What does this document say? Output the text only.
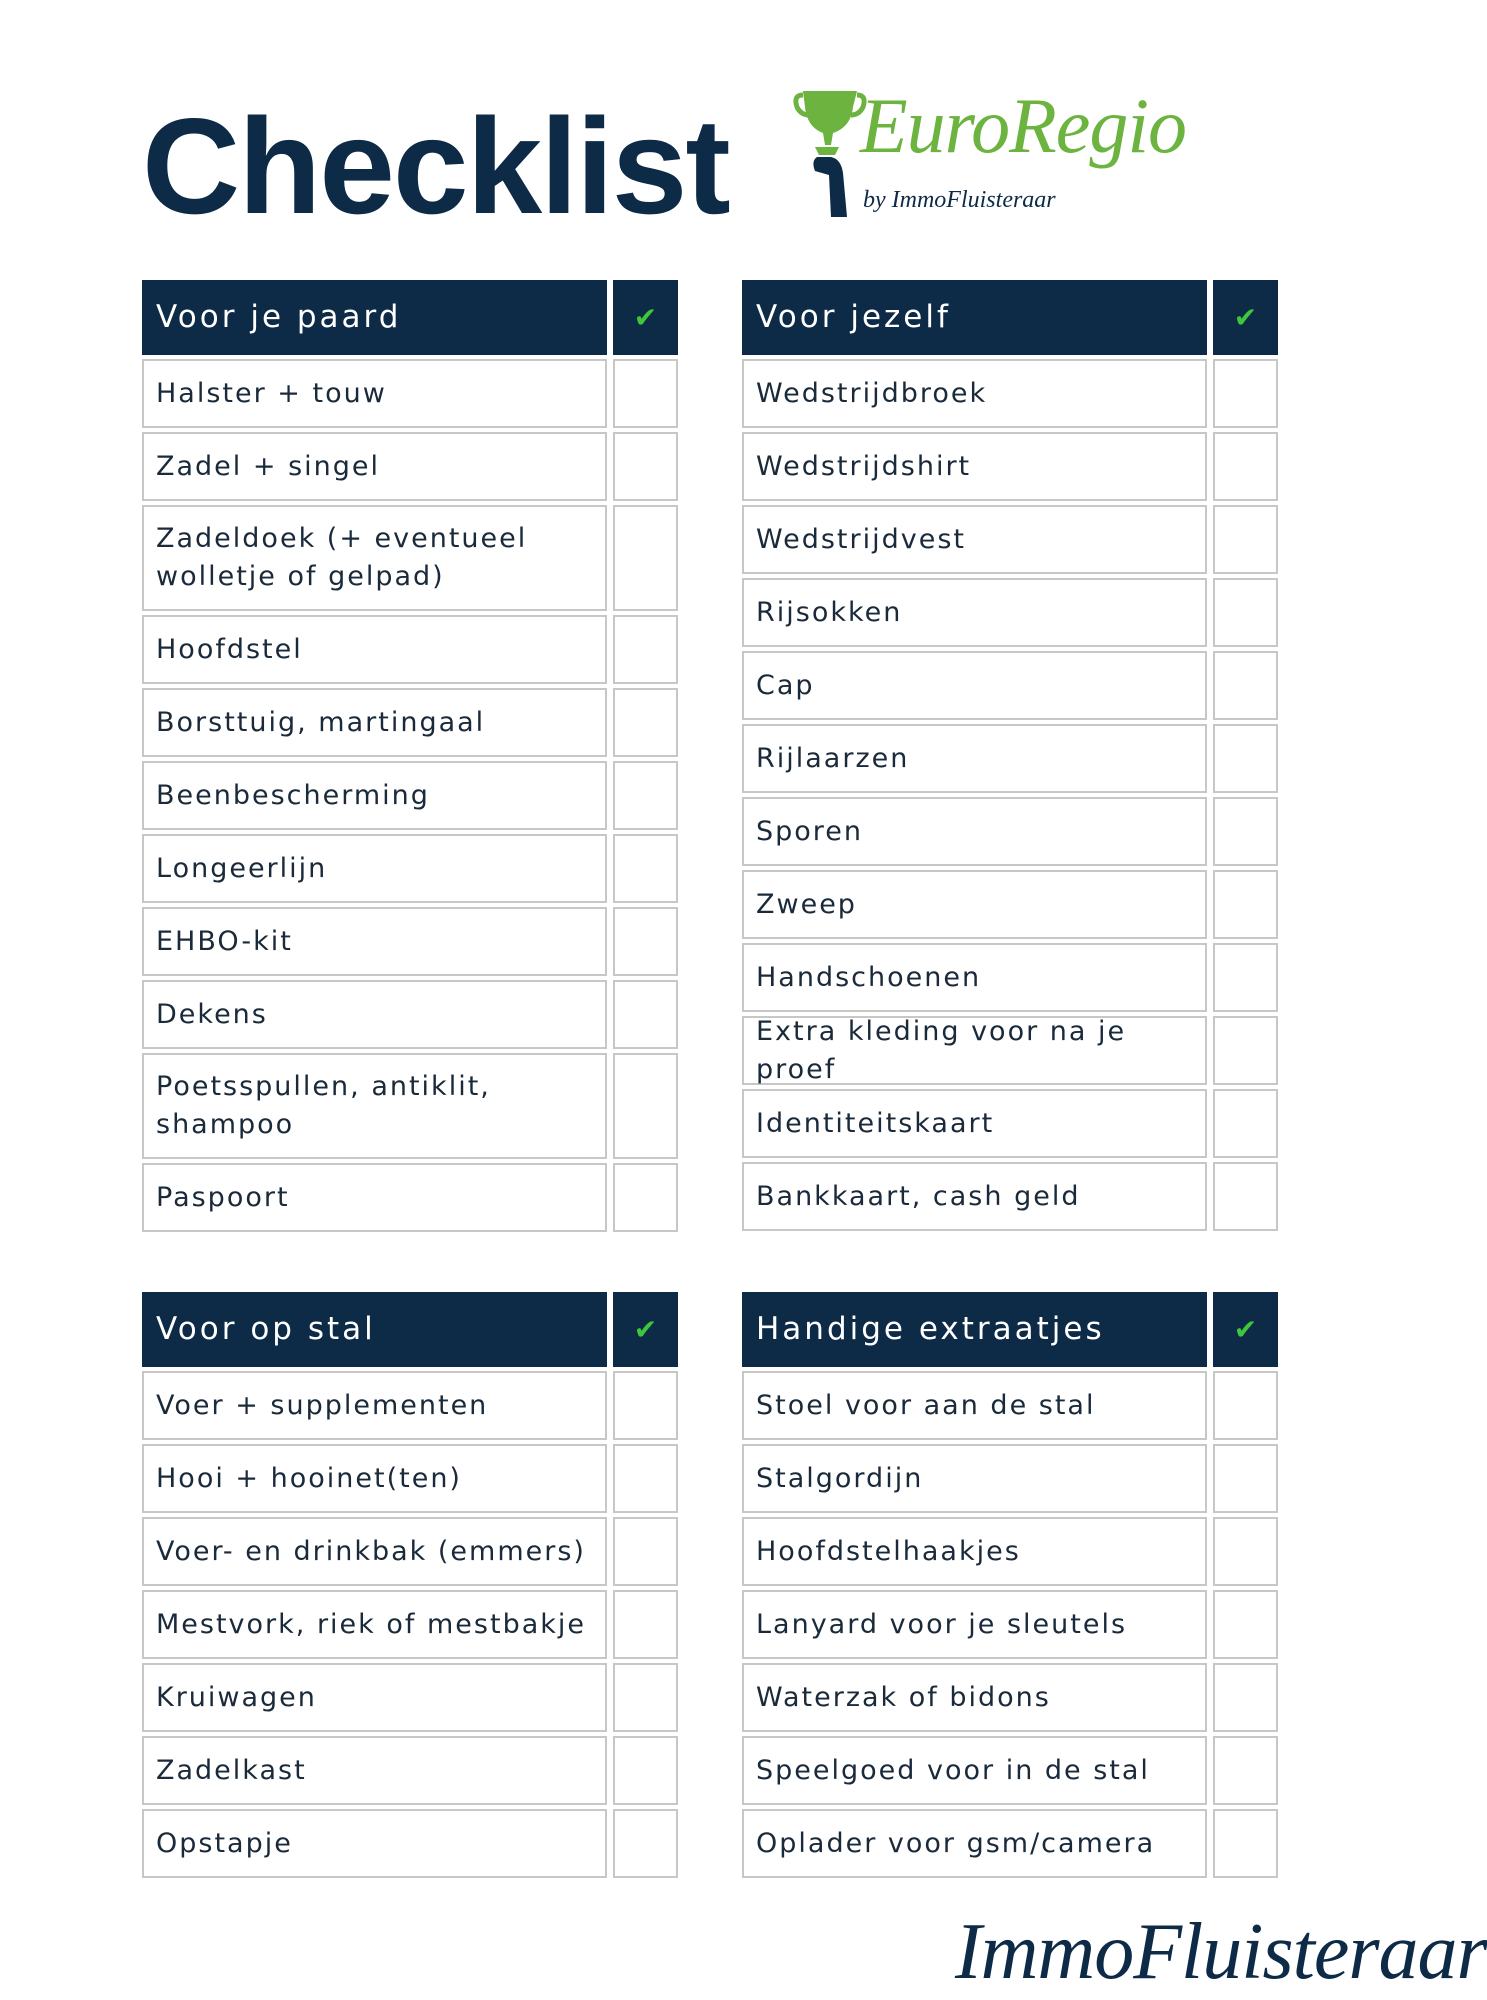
Checklist EuroRegio
by ImmoFluisteraar
Voor je paard	✔
Halster + touw
Zadel + singel
Zadeldoek (+ eventueel wolletje of gelpad)
Hoofdstel
Borsttuig, martingaal
Beenbescherming
Longeerlijn
EHBO-kit
Dekens
Poetsspullen, antiklit, shampoo
Paspoort
Voor jezelf	✔
Wedstrijdbroek
Wedstrijdshirt
Wedstrijdvest
Rijsokken
Cap
Rijlaarzen
Sporen
Zweep
Handschoenen
Extra kleding voor na je proef
Identiteitskaart
Bankkaart, cash geld
Voor op stal	✔
Voer + supplementen
Hooi + hooinet(ten)
Voer- en drinkbak (emmers)
Mestvork, riek of mestbakje
Kruiwagen
Zadelkast
Opstapje
Handige extraatjes	✔
Stoel voor aan de stal
Stalgordijn
Hoofdstelhaakjes
Lanyard voor je sleutels
Waterzak of bidons
Speelgoed voor in de stal
Oplader voor gsm/camera
ImmoFluisteraar
